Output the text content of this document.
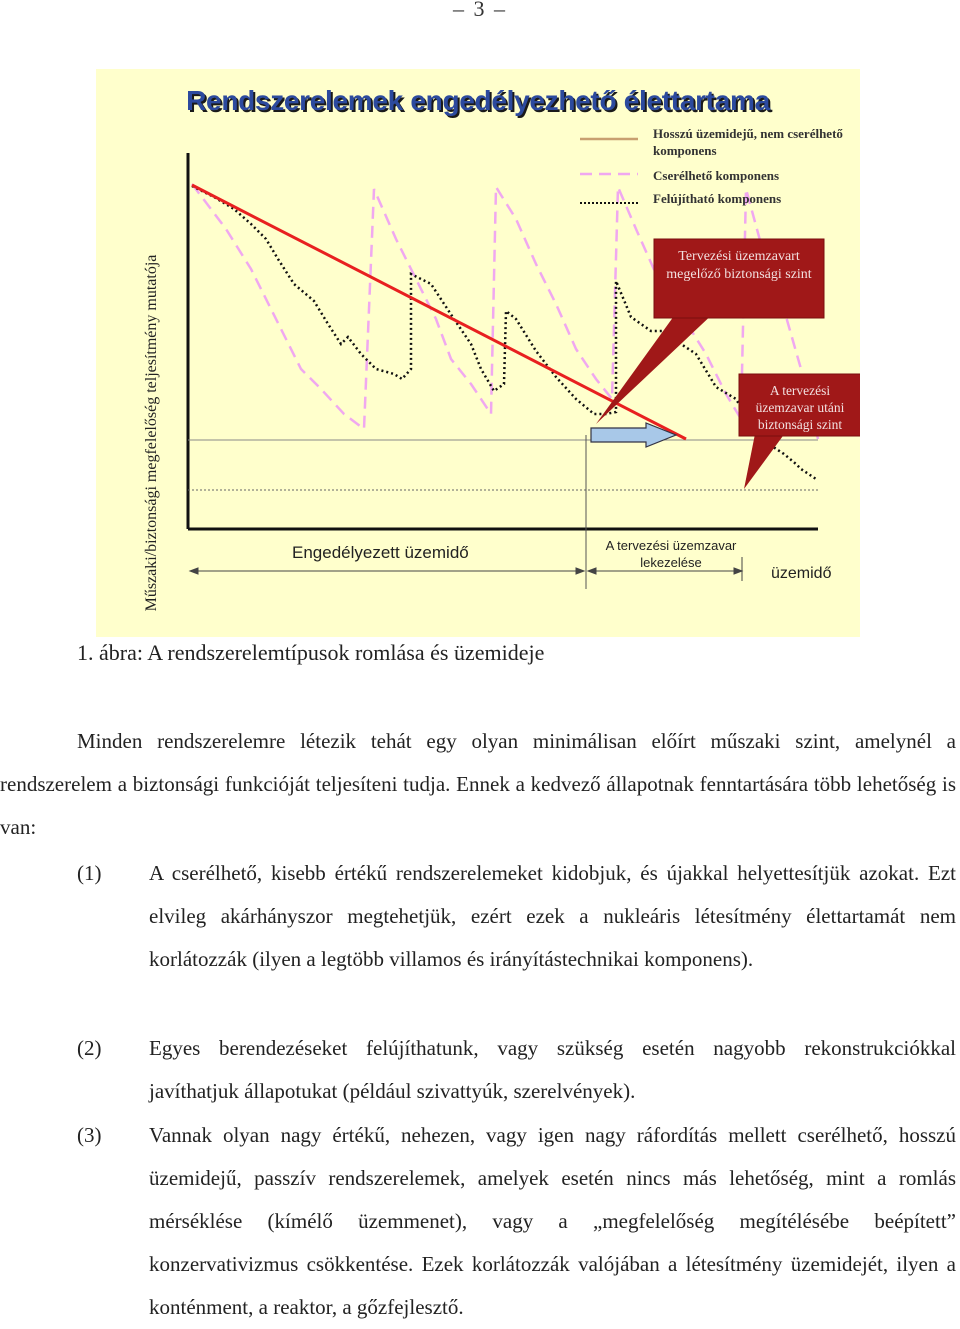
– 3 –
Rendszerelemek engedélyezhető élettartama
Műszaki/biztonsági megfelelőség teljesítmény mutatója
Hosszú üzemidejű, nem cserélhető komponens
Cserélhető komponens
Felújítható komponens
Tervezési üzemzavart megelőző biztonsági szint
A tervezési üzemzavar utáni biztonsági szint
Engedélyezett üzemidő	A tervezési üzemzavar lekezelése
üzemidő
1. ábra: A rendszerelemtípusok romlása és üzemideje
Minden rendszerelemre létezik tehát egy olyan minimálisan előírt műszaki szint, amelynél a rendszerelem a biztonsági funkcióját teljesíteni tudja. Ennek a kedvező állapotnak fenntartására több lehetőség is van:
(1) A cserélhető, kisebb értékű rendszerelemeket kidobjuk, és újakkal helyettesítjük azokat. Ezt elvileg akárhányszor megtehetjük, ezért ezek a nukleáris létesítmény élettartamát nem korlátozzák (ilyen a legtöbb villamos és irányítástechnikai komponens).
(2) Egyes berendezéseket felújíthatunk, vagy szükség esetén nagyobb rekonstrukciókkal javíthatjuk állapotukat (például szivattyúk, szerelvények).
(3) Vannak olyan nagy értékű, nehezen, vagy igen nagy ráfordítás mellett cserélhető, hosszú üzemidejű, passzív rendszerelemek, amelyek esetén nincs más lehetőség, mint a romlás mérséklése (kímélő üzemmenet), vagy a „megfelelőség megítélésébe beépített” konzervativizmus csökkentése. Ezek korlátozzák valójában a létesítmény üzemidejét, ilyen a konténment, a reaktor, a gőzfejlesztő.
